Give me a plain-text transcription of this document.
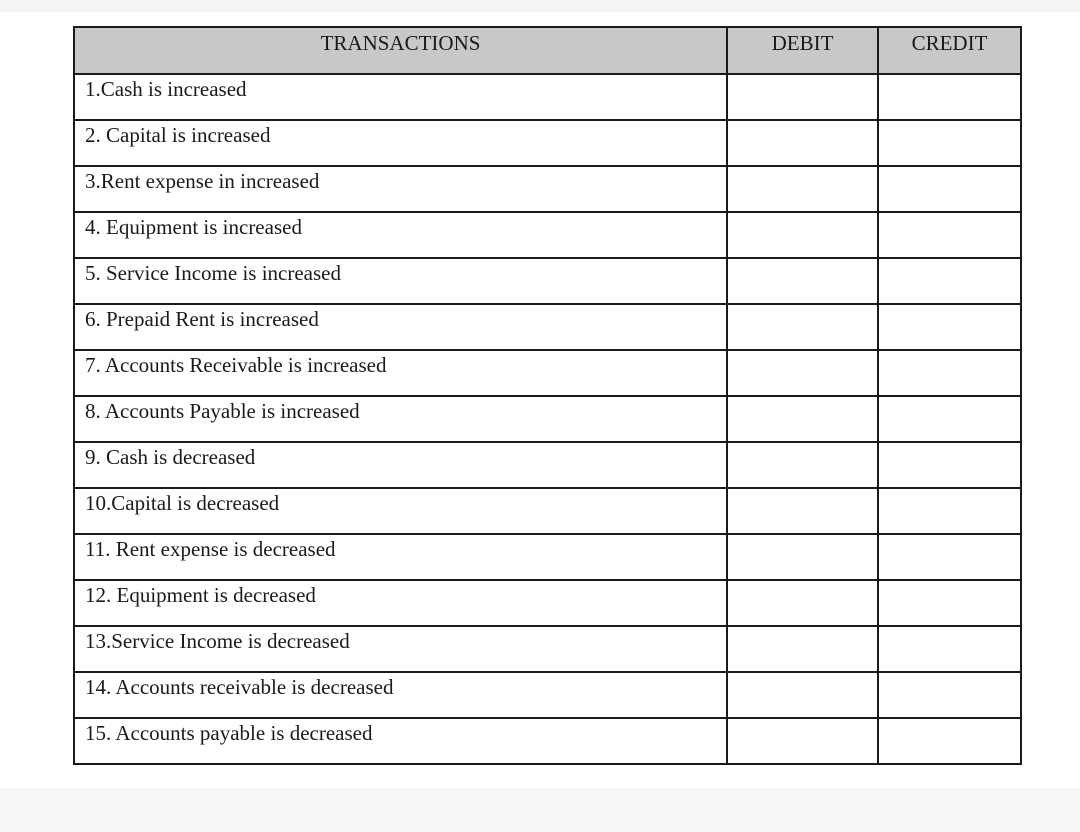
TRANSACTIONS	DEBIT	CREDIT
1.Cash is increased		
2. Capital is increased		
3.Rent expense in increased		
4. Equipment is increased		
5. Service Income is increased		
6. Prepaid Rent is increased		
7. Accounts Receivable is increased		
8. Accounts Payable is increased		
9. Cash is decreased		
10.Capital is decreased		
11. Rent expense is decreased		
12. Equipment is decreased		
13.Service Income is decreased		
14. Accounts receivable is decreased		
15. Accounts payable is decreased		
